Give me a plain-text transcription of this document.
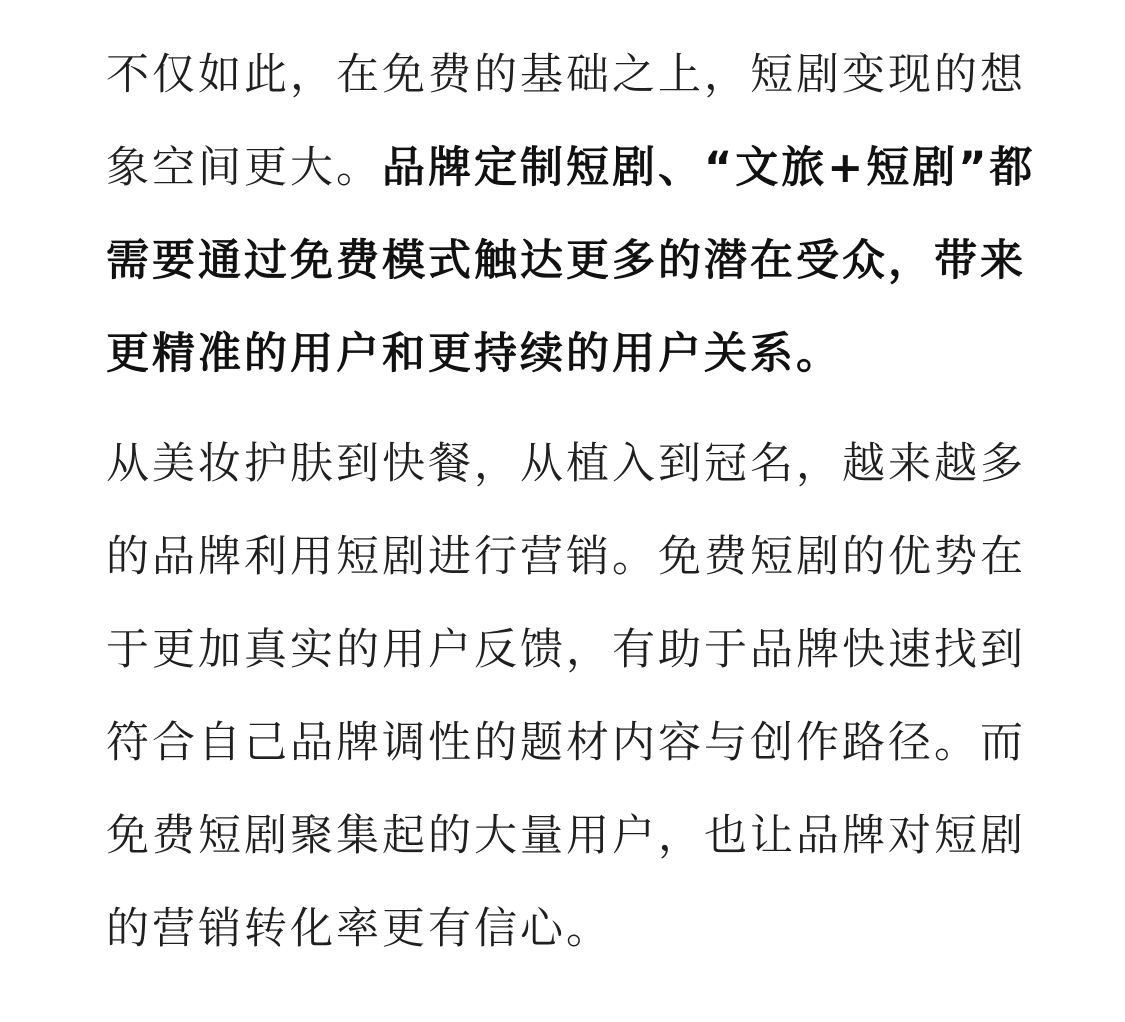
不仅如此，在免费的基础之上，短剧变现的想
象空间更大。品牌定制短剧、“文旅+短剧”都
需要通过免费模式触达更多的潜在受众，带来
更精准的用户和更持续的用户关系。
从美妆护肤到快餐，从植入到冠名，越来越多
的品牌利用短剧进行营销。免费短剧的优势在
于更加真实的用户反馈，有助于品牌快速找到
符合自己品牌调性的题材内容与创作路径。而
免费短剧聚集起的大量用户，也让品牌对短剧
的营销转化率更有信心。
